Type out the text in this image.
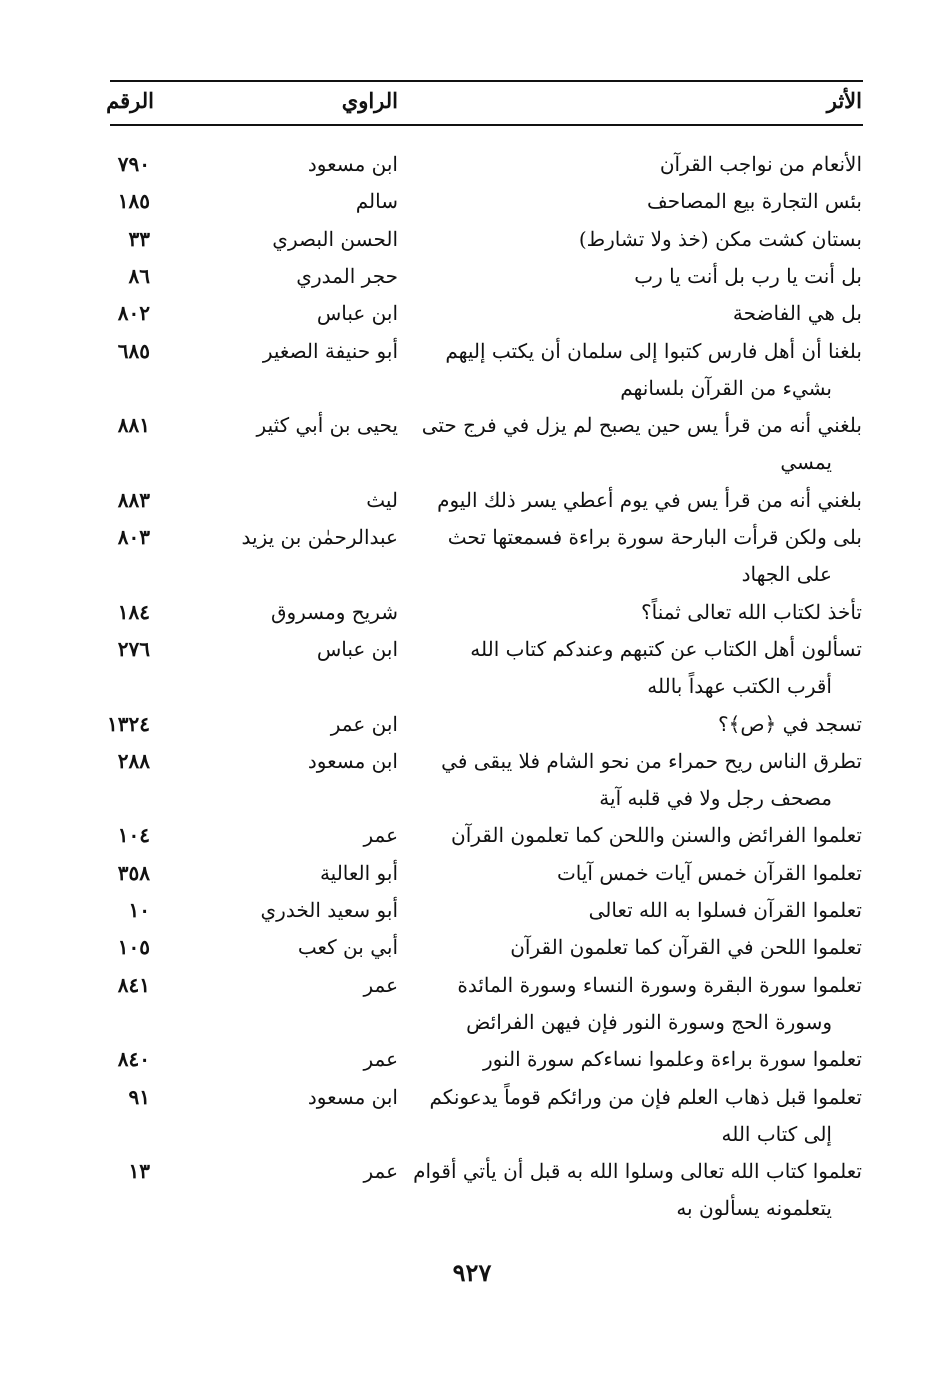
الأثر
الراوي
الرقم
الأنعام من نواجب القرآن
ابن مسعود
٧٩٠
بئس التجارة بيع المصاحف
سالم
١٨٥
بستان كشت مكن (خذ ولا تشارط)
الحسن البصري
٣٣
بل أنت يا رب بل أنت يا رب
حجر المدري
٨٦
بل هي الفاضحة
ابن عباس
٨٠٢
بلغنا أن أهل فارس كتبوا إلى سلمان أن يكتب إليهم
بشيء من القرآن بلسانهم
أبو حنيفة الصغير
٦٨٥
بلغني أنه من قرأ يس حين يصبح لم يزل في فرج حتى
يمسي
يحيى بن أبي كثير
٨٨١
بلغني أنه من قرأ يس في يوم أعطي يسر ذلك اليوم
ليث
٨٨٣
بلى ولكن قرأت البارحة سورة براءة فسمعتها تحث
على الجهاد
عبدالرحمٰن بن يزيد
٨٠٣
تأخذ لكتاب الله تعالى ثمناً؟
شريح ومسروق
١٨٤
تسألون أهل الكتاب عن كتبهم وعندكم كتاب الله
أقرب الكتب عهداً بالله
ابن عباس
٢٧٦
تسجد في ﴿ص﴾؟
ابن عمر
١٣٢٤
تطرق الناس ريح حمراء من نحو الشام فلا يبقى في
مصحف رجل ولا في قلبه آية
ابن مسعود
٢٨٨
تعلموا الفرائض والسنن واللحن كما تعلمون القرآن
عمر
١٠٤
تعلموا القرآن خمس آيات خمس آيات
أبو العالية
٣٥٨
تعلموا القرآن فسلوا به الله تعالى
أبو سعيد الخدري
١٠
تعلموا اللحن في القرآن كما تعلمون القرآن
أبي بن كعب
١٠٥
تعلموا سورة البقرة وسورة النساء وسورة المائدة
وسورة الحج وسورة النور فإن فيهن الفرائض
عمر
٨٤١
تعلموا سورة براءة وعلموا نساءكم سورة النور
عمر
٨٤٠
تعلموا قبل ذهاب العلم فإن من ورائكم قوماً يدعونكم
إلى كتاب الله
ابن مسعود
٩١
تعلموا كتاب الله تعالى وسلوا الله به قبل أن يأتي أقوام
يتعلمونه يسألون به
عمر
١٣
٩٢٧
